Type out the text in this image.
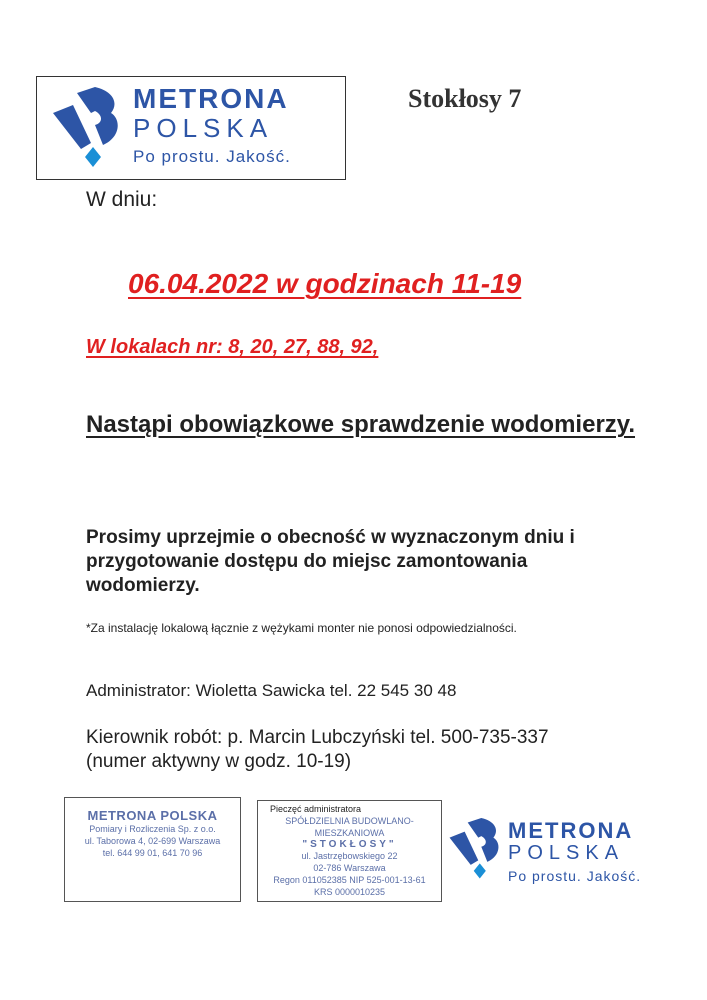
METRONA
POLSKA
Po prostu. Jakość.
Stokłosy 7
W dniu:
06.04.2022 w godzinach 11-19
W lokalach nr: 8, 20, 27, 88, 92,
Nastąpi obowiązkowe sprawdzenie wodomierzy.
Prosimy uprzejmie o obecność w wyznaczonym dniu i przygotowanie dostępu do miejsc zamontowania wodomierzy.
*Za instalację lokalową łącznie z wężykami monter nie ponosi odpowiedzialności.
Administrator: Wioletta Sawicka tel. 22 545 30 48
Kierownik robót: p. Marcin Lubczyński tel. 500-735-337
(numer aktywny w godz. 10-19)
METRONA POLSKA
Pomiary i Rozliczenia Sp. z o.o.
ul. Taborowa 4, 02-699 Warszawa
tel. 644 99 01, 641 70 96
Pieczęć administratora
SPÓŁDZIELNIA BUDOWLANO-MIESZKANIOWA
"STOKŁOSY"
ul. Jastrzębowskiego 22
02-786 Warszawa
Regon 011052385 NIP 525-001-13-61
KRS 0000010235
METRONA
POLSKA
Po prostu. Jakość.
